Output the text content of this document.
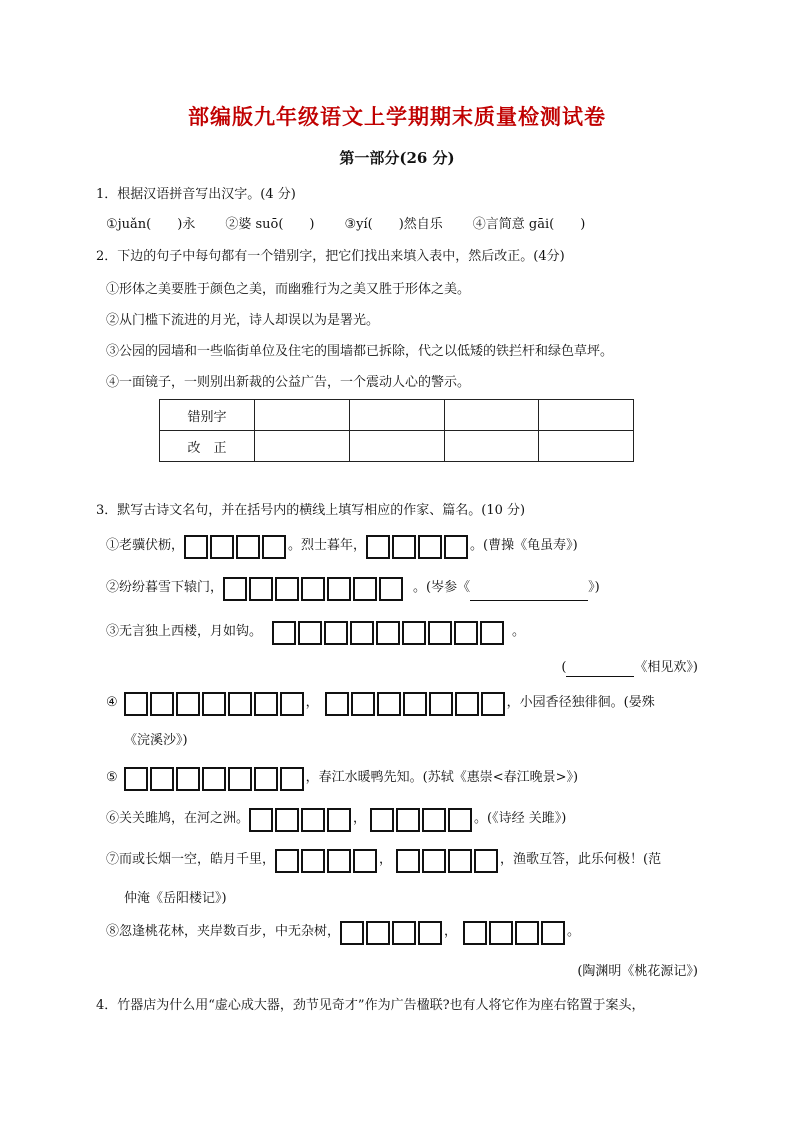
部编版九年级语文上学期期末质量检测试卷
第一部分(26 分)
1．根据汉语拼音写出汉字。(4 分)
①juǎn(　　)永 ②婆 suō(　　) ③yí(　　)然自乐 ④言简意 gāi(　　)
2．下边的句子中每句都有一个错别字，把它们找出来填入表中，然后改正。(4分)
①形体之美要胜于颜色之美，而幽雅行为之美又胜于形体之美。
②从门槛下流进的月光，诗人却误以为是署光。
③公园的园墙和一些临街单位及住宅的围墙都已拆除，代之以低矮的铁拦杆和绿色草坪。
④一面镜子，一则别出新裁的公益广告，一个震动人心的警示。
错别字				
改　正				
3．默写古诗文名句，并在括号内的横线上填写相应的作家、篇名。(10 分)
①老骥伏枥，	。烈士暮年，	。(曹操《龟虽寿》)
②纷纷暮雪下辕门，	。(岑参《	》)
③无言独上西楼，月如钩。	。
(	《相见欢》)
④	，	，小园香径独徘徊。(晏殊
《浣溪沙》)
⑤	，春江水暖鸭先知。(苏轼《惠崇<春江晚景>》)
⑥关关雎鸠，在河之洲。	，	。(《诗经 关雎》)
⑦而或长烟一空，皓月千里，	，	，渔歌互答，此乐何极！(范
仲淹《岳阳楼记》)
⑧忽逢桃花林，夹岸数百步，中无杂树，	，	。
(陶渊明《桃花源记》)
4．竹器店为什么用“虚心成大器，劲节见奇才”作为广告楹联?也有人将它作为座右铭置于案头，
